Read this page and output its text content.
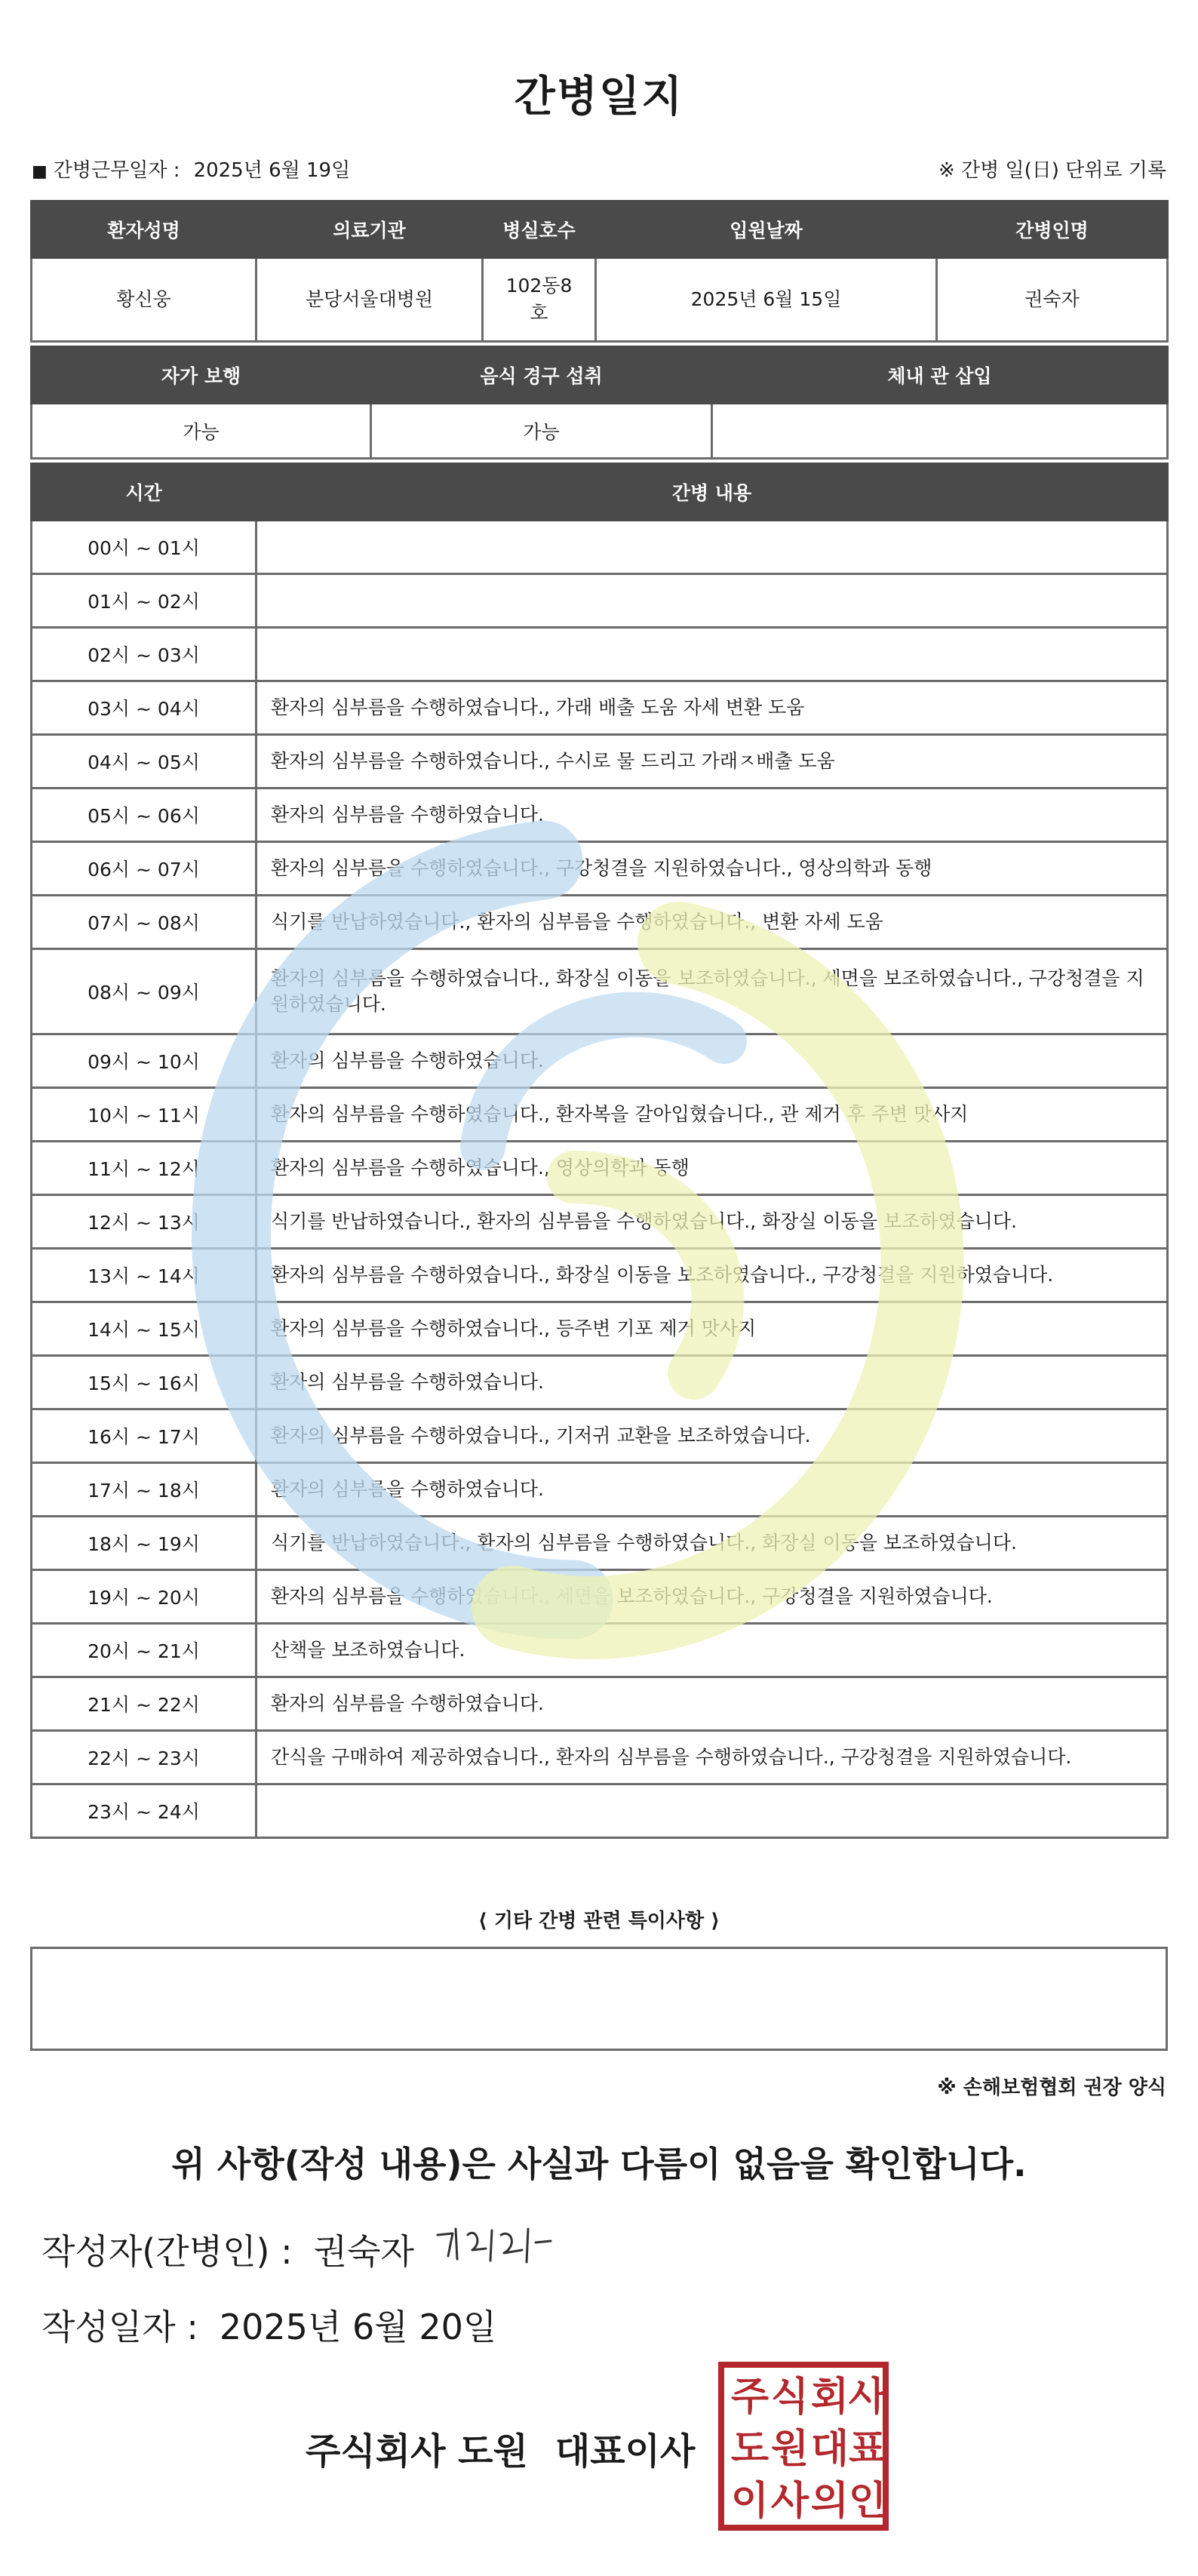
간병일지
■ 간병근무일자 : 2025년 6월 19일	※ 간병 일(日) 단위로 기록
환자성명	의료기관	병실호수	입원날짜	간병인명
황신웅	분당서울대병원	102동8호	2025년 6월 15일	권숙자
자가 보행	음식 경구 섭취	체내 관 삽입
가능	가능	
시간	간병 내용
00시 ~ 01시	
01시 ~ 02시	
02시 ~ 03시	
03시 ~ 04시	환자의 심부름을 수행하였습니다., 가래 배출 도움 자세 변환 도움
04시 ~ 05시	환자의 심부름을 수행하였습니다., 수시로 물 드리고 가래ㅈ배출 도움
05시 ~ 06시	환자의 심부름을 수행하였습니다.
06시 ~ 07시	환자의 심부름을 수행하였습니다., 구강청결을 지원하였습니다., 영상의학과 동행
07시 ~ 08시	식기를 반납하였습니다., 환자의 심부름을 수행하였습니다., 변환 자세 도움
08시 ~ 09시	환자의 심부름을 수행하였습니다., 화장실 이동을 보조하였습니다., 세면을 보조하였습니다., 구강청결을 지원하였습니다.
09시 ~ 10시	환자의 심부름을 수행하였습니다.
10시 ~ 11시	환자의 심부름을 수행하였습니다., 환자복을 갈아입혔습니다., 관 제거 후 주변 맛사지
11시 ~ 12시	환자의 심부름을 수행하였습니다., 영상의학과 동행
12시 ~ 13시	식기를 반납하였습니다., 환자의 심부름을 수행하였습니다., 화장실 이동을 보조하였습니다.
13시 ~ 14시	환자의 심부름을 수행하였습니다., 화장실 이동을 보조하였습니다., 구강청결을 지원하였습니다.
14시 ~ 15시	환자의 심부름을 수행하였습니다., 등주변 기포 제거 맛사지
15시 ~ 16시	환자의 심부름을 수행하였습니다.
16시 ~ 17시	환자의 심부름을 수행하였습니다., 기저귀 교환을 보조하였습니다.
17시 ~ 18시	환자의 심부름을 수행하였습니다.
18시 ~ 19시	식기를 반납하였습니다., 환자의 심부름을 수행하였습니다., 화장실 이동을 보조하였습니다.
19시 ~ 20시	환자의 심부름을 수행하였습니다., 세면을 보조하였습니다., 구강청결을 지원하였습니다.
20시 ~ 21시	산책을 보조하였습니다.
21시 ~ 22시	환자의 심부름을 수행하였습니다.
22시 ~ 23시	간식을 구매하여 제공하였습니다., 환자의 심부름을 수행하였습니다., 구강청결을 지원하였습니다.
23시 ~ 24시	
⟨ 기타 간병 관련 특이사항 ⟩
※ 손해보험협회 권장 양식
위 사항(작성 내용)은 사실과 다름이 없음을 확인합니다.
작성자(간병인) : 권숙자
작성일자 : 2025년 6월 20일
주식회사 도원 대표이사
주 식 회 사
도 원 대 표
이 사 의 인
